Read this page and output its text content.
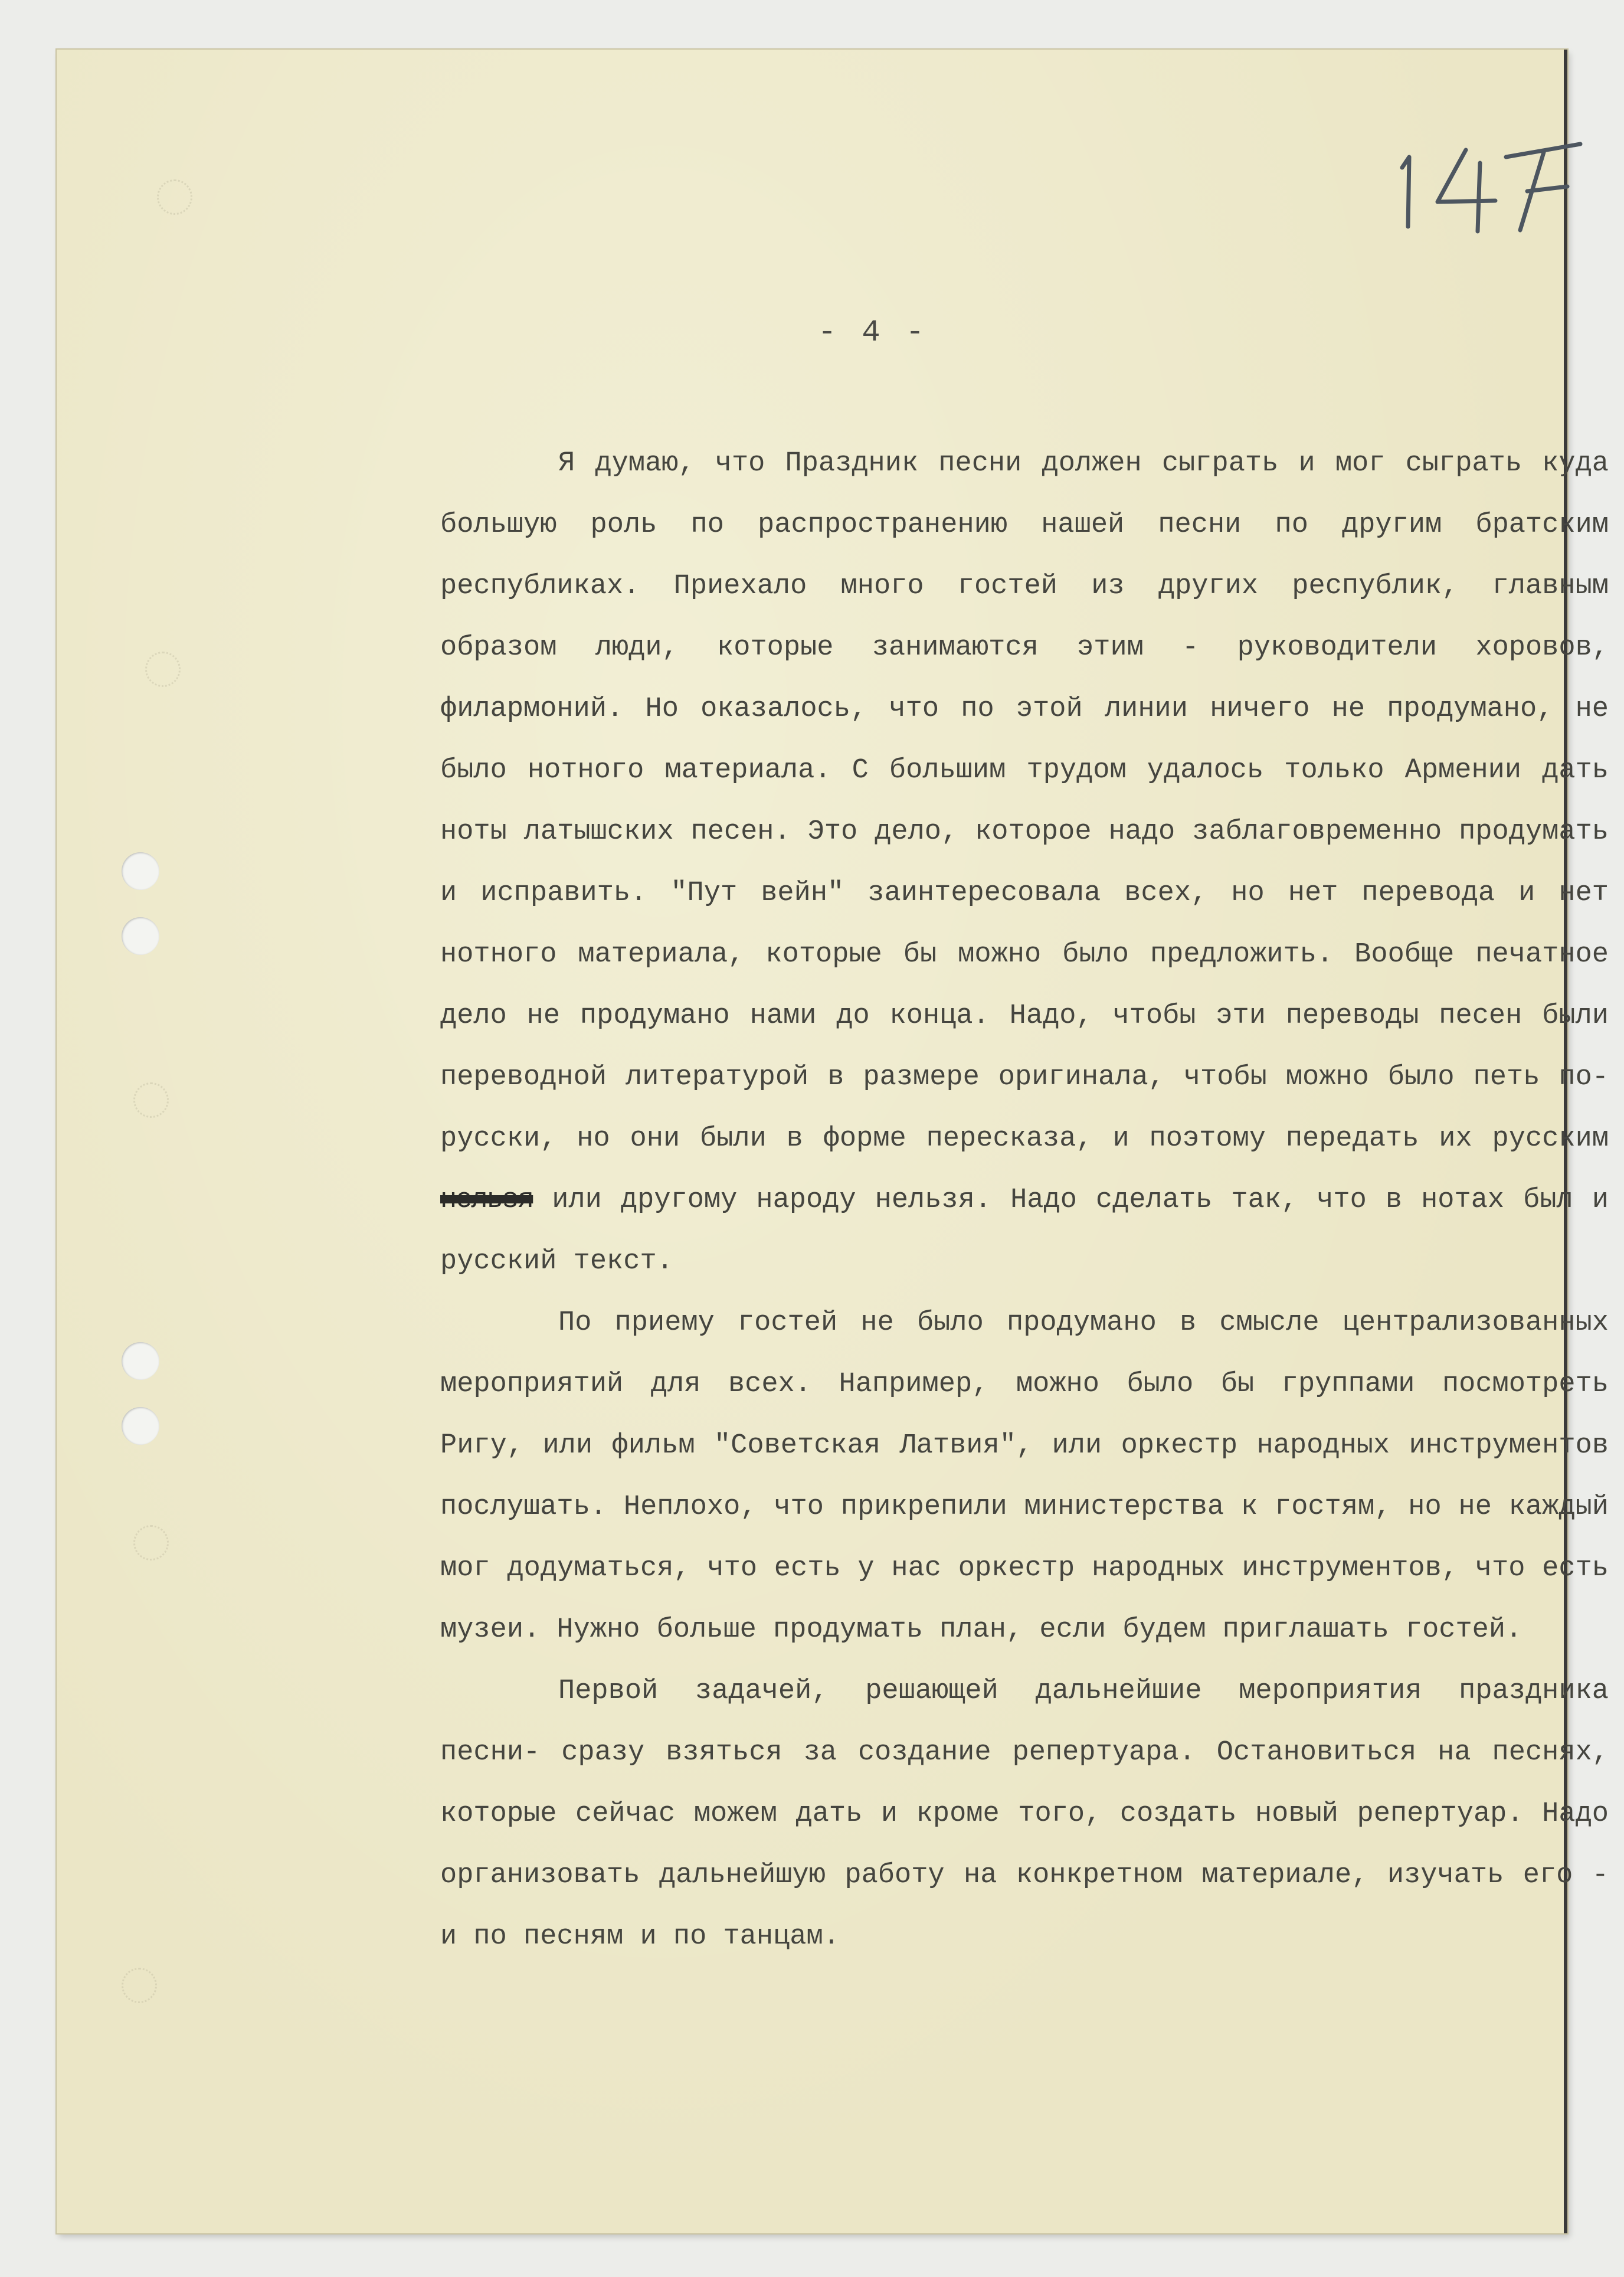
- 4 -

Я думаю, что Праздник песни должен сыграть и мог сыграть куда большую роль по распространению нашей песни по другим братским республиках. Приехало много гостей из других республик, главным образом люди, которые занимаются этим - руководители хоровов, филармоний. Но оказалось, что по этой линии ничего не продумано, не было нотного материала. С большим трудом удалось только Армении дать ноты латышских песен. Это дело, которое надо заблаговременно продумать и исправить. "Пут вейн" заинтересовала всех, но нет перевода и нет нотного материала, которые бы можно было предложить. Вообще печатное дело не продумано нами до конца. Надо, чтобы эти переводы песен были переводной литературой в размере оригинала, чтобы можно было петь по-русски, но они были в форме пересказа, и поэтому передать их русским нельзя или другому народу нельзя. Надо сделать так, что в нотах был и русский текст.

По приему гостей не было продумано в смысле централизованных мероприятий для всех. Например, можно было бы группами посмотреть Ригу, или фильм "Советская Латвия", или оркестр народных инструментов послушать. Неплохо, что прикрепили министерства к гостям, но не каждый мог додуматься, что есть у нас оркестр народных инструментов, что есть музеи. Нужно больше продумать план, если будем приглашать гостей.

Первой задачей, решающей дальнейшие мероприятия праздника песни- сразу взяться за создание репертуара. Остановиться на песнях, которые сейчас можем дать и кроме того, создать новый репертуар. Надо организовать дальнейшую работу на конкретном материале, изучать его - и по песням и по танцам.
